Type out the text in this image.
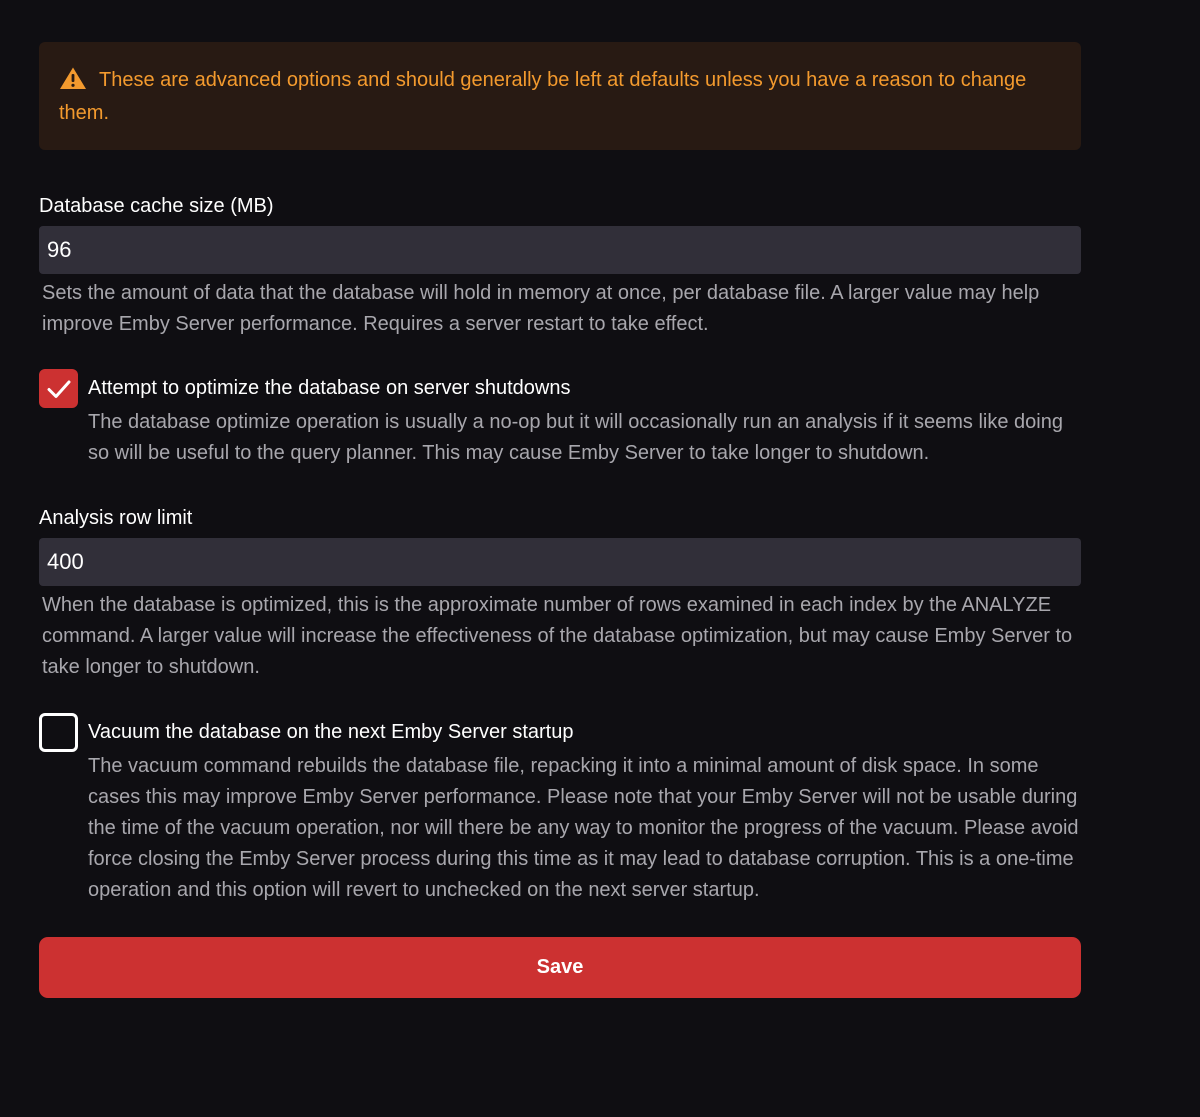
These are advanced options and should generally be left at defaults unless you have a reason to change them.
Database cache size (MB)
96
Sets the amount of data that the database will hold in memory at once, per database file. A larger value may help improve Emby Server performance. Requires a server restart to take effect.
Attempt to optimize the database on server shutdowns
The database optimize operation is usually a no-op but it will occasionally run an analysis if it seems like doing so will be useful to the query planner. This may cause Emby Server to take longer to shutdown.
Analysis row limit
400
When the database is optimized, this is the approximate number of rows examined in each index by the ANALYZE command. A larger value will increase the effectiveness of the database optimization, but may cause Emby Server to take longer to shutdown.
Vacuum the database on the next Emby Server startup
The vacuum command rebuilds the database file, repacking it into a minimal amount of disk space. In some cases this may improve Emby Server performance. Please note that your Emby Server will not be usable during the time of the vacuum operation, nor will there be any way to monitor the progress of the vacuum. Please avoid force closing the Emby Server process during this time as it may lead to database corruption. This is a one-time operation and this option will revert to unchecked on the next server startup.
Save
